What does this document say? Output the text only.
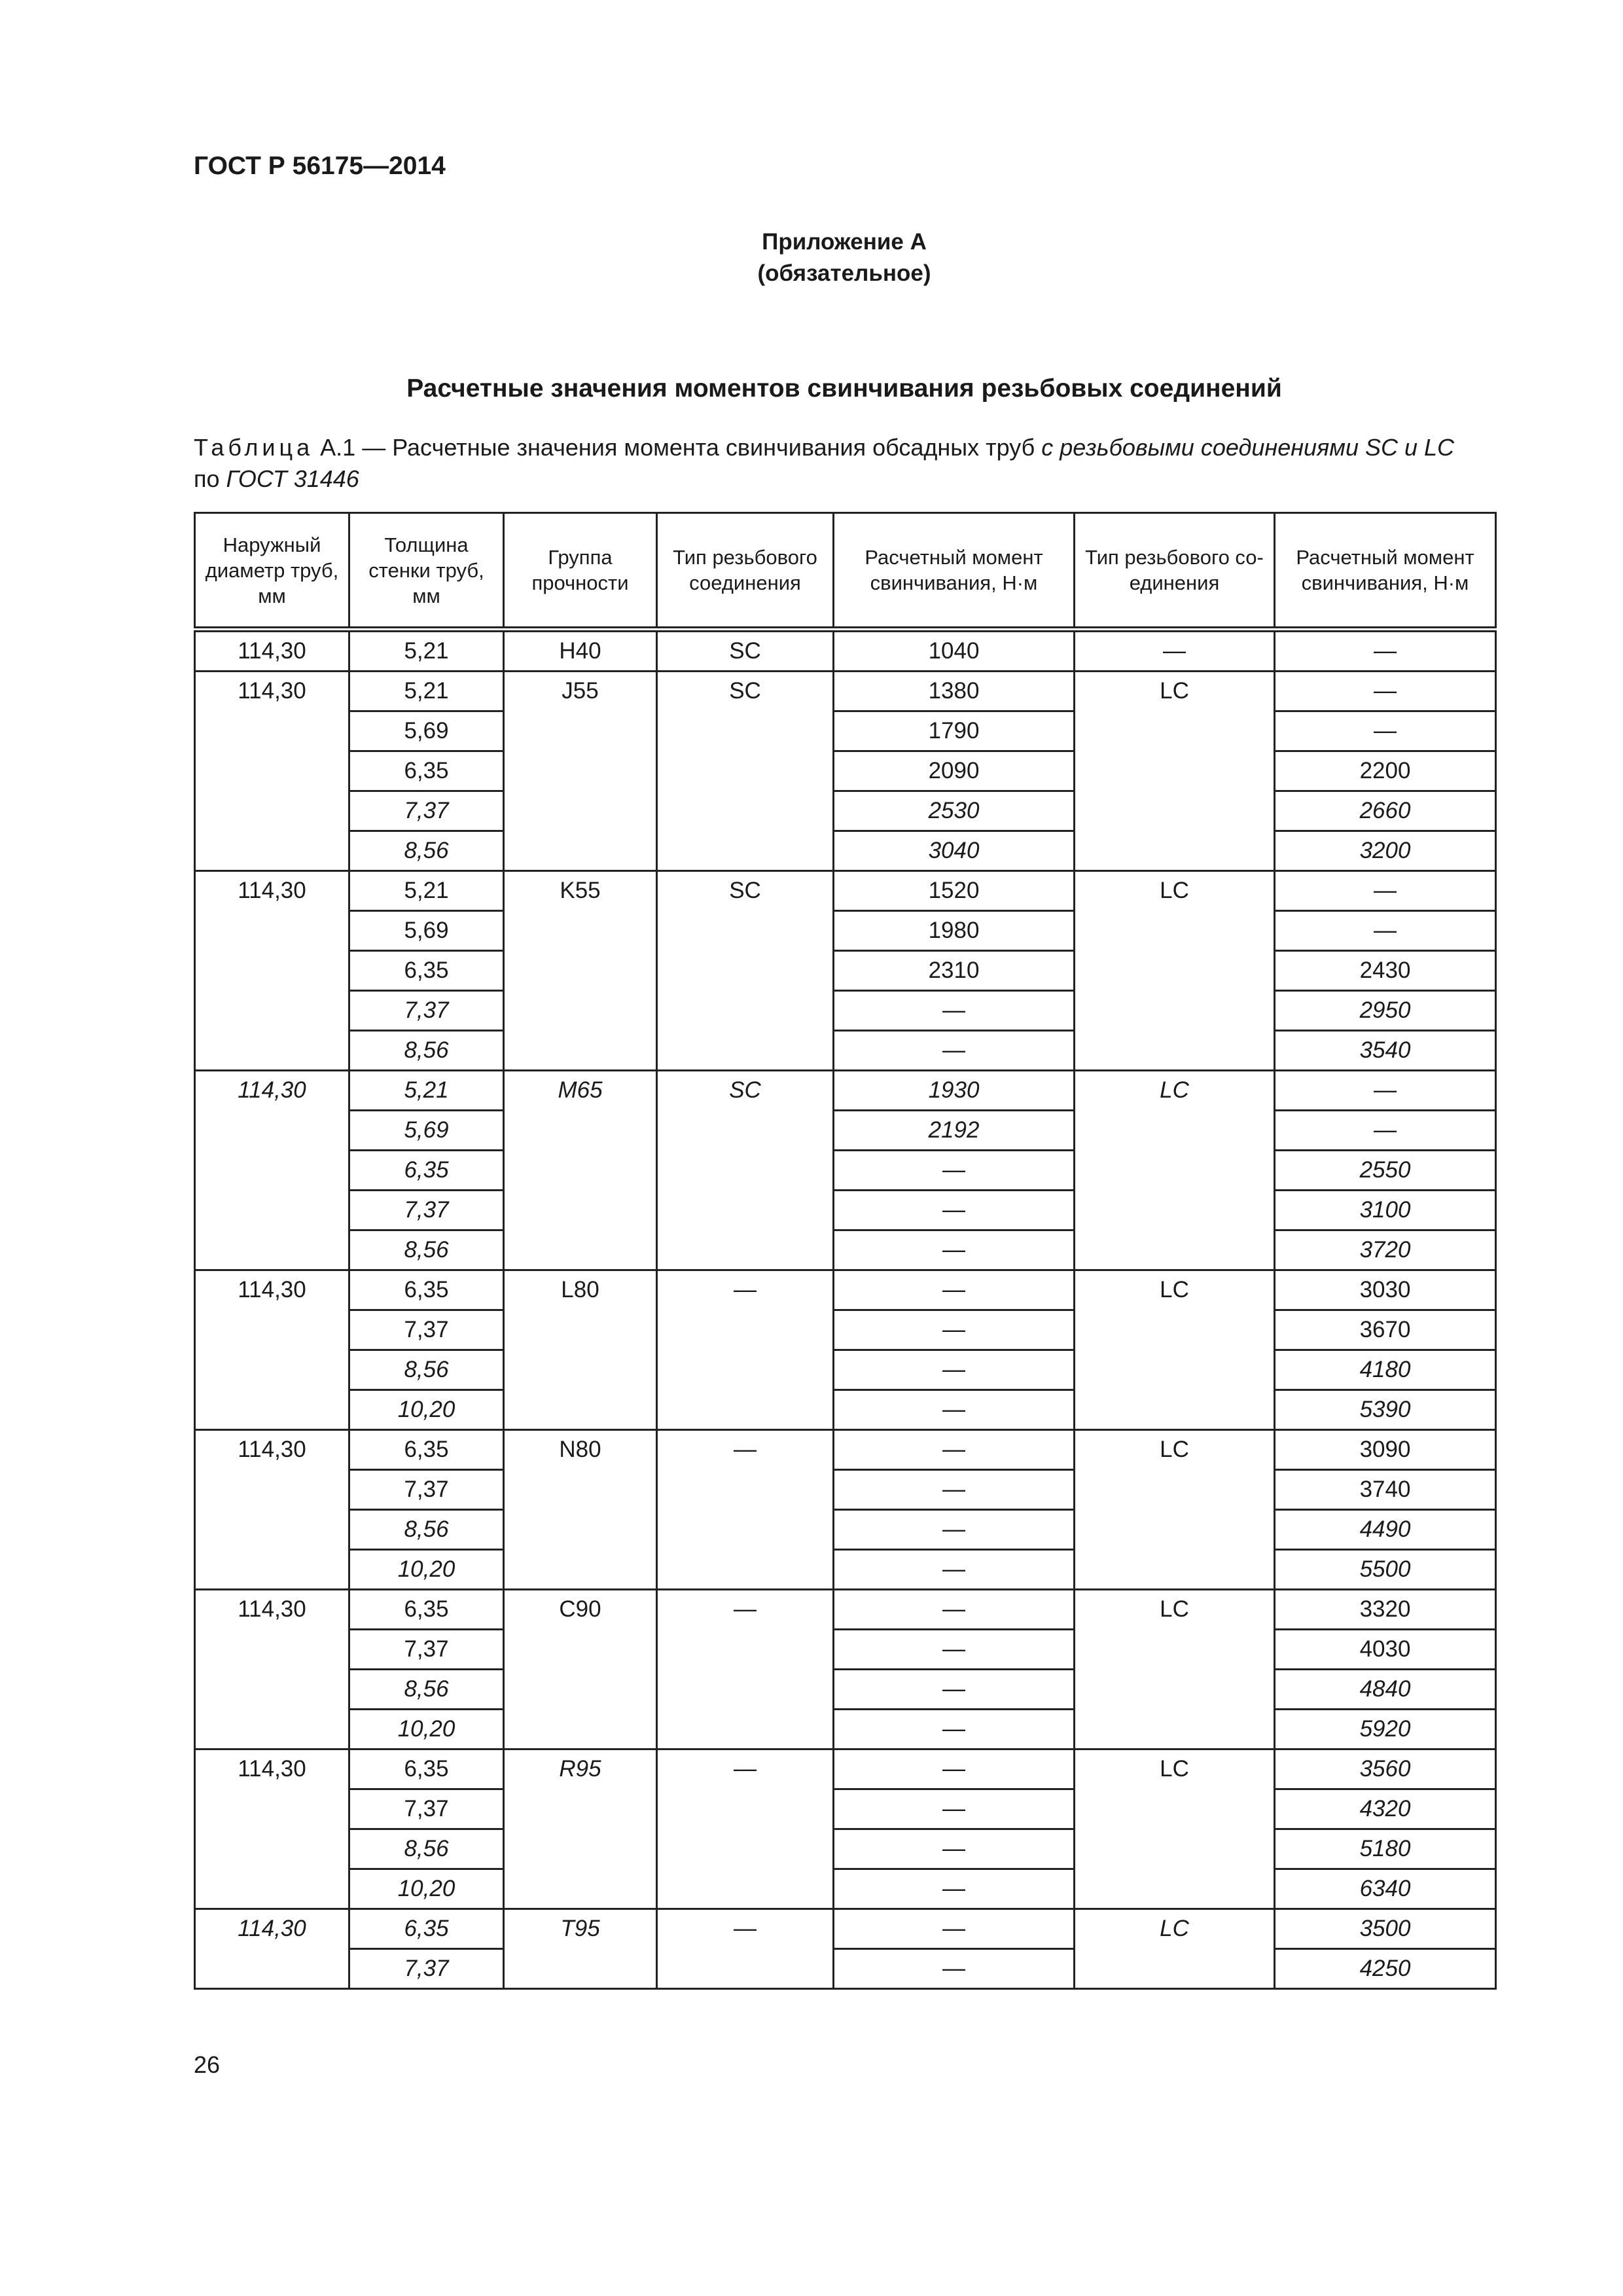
ГОСТ Р 56175—2014
Приложение А
(обязательное)
Расчетные значения моментов свинчивания резьбовых соединений
Таблица А.1 — Расчетные значения момента свинчивания обсадных труб с резьбовыми соединениями SC и LC
по ГОСТ 31446
Наружный диаметр труб, мм	Толщина стенки труб, мм	Группа прочности	Тип резьбового соединения	Расчетный момент свинчивания, Н·м	Тип резьбового со-единения	Расчетный момент свинчивания, Н·м
114,30	5,21	H40	SC	1040	—	—
114,30	5,21	J55	SC	1380	LC	—
	5,69			1790		—
	6,35			2090		2200
	7,37			2530		2660
	8,56			3040		3200
114,30	5,21	K55	SC	1520	LC	—
	5,69			1980		—
	6,35			2310		2430
	7,37			—		2950
	8,56			—		3540
114,30	5,21	M65	SC	1930	LC	—
	5,69			2192		—
	6,35			—		2550
	7,37			—		3100
	8,56			—		3720
114,30	6,35	L80	—	—	LC	3030
	7,37			—		3670
	8,56			—		4180
	10,20			—		5390
114,30	6,35	N80	—	—	LC	3090
	7,37			—		3740
	8,56			—		4490
	10,20			—		5500
114,30	6,35	C90	—	—	LC	3320
	7,37			—		4030
	8,56			—		4840
	10,20			—		5920
114,30	6,35	R95	—	—	LC	3560
	7,37			—		4320
	8,56			—		5180
	10,20			—		6340
114,30	6,35	T95	—	—	LC	3500
	7,37			—		4250
26
